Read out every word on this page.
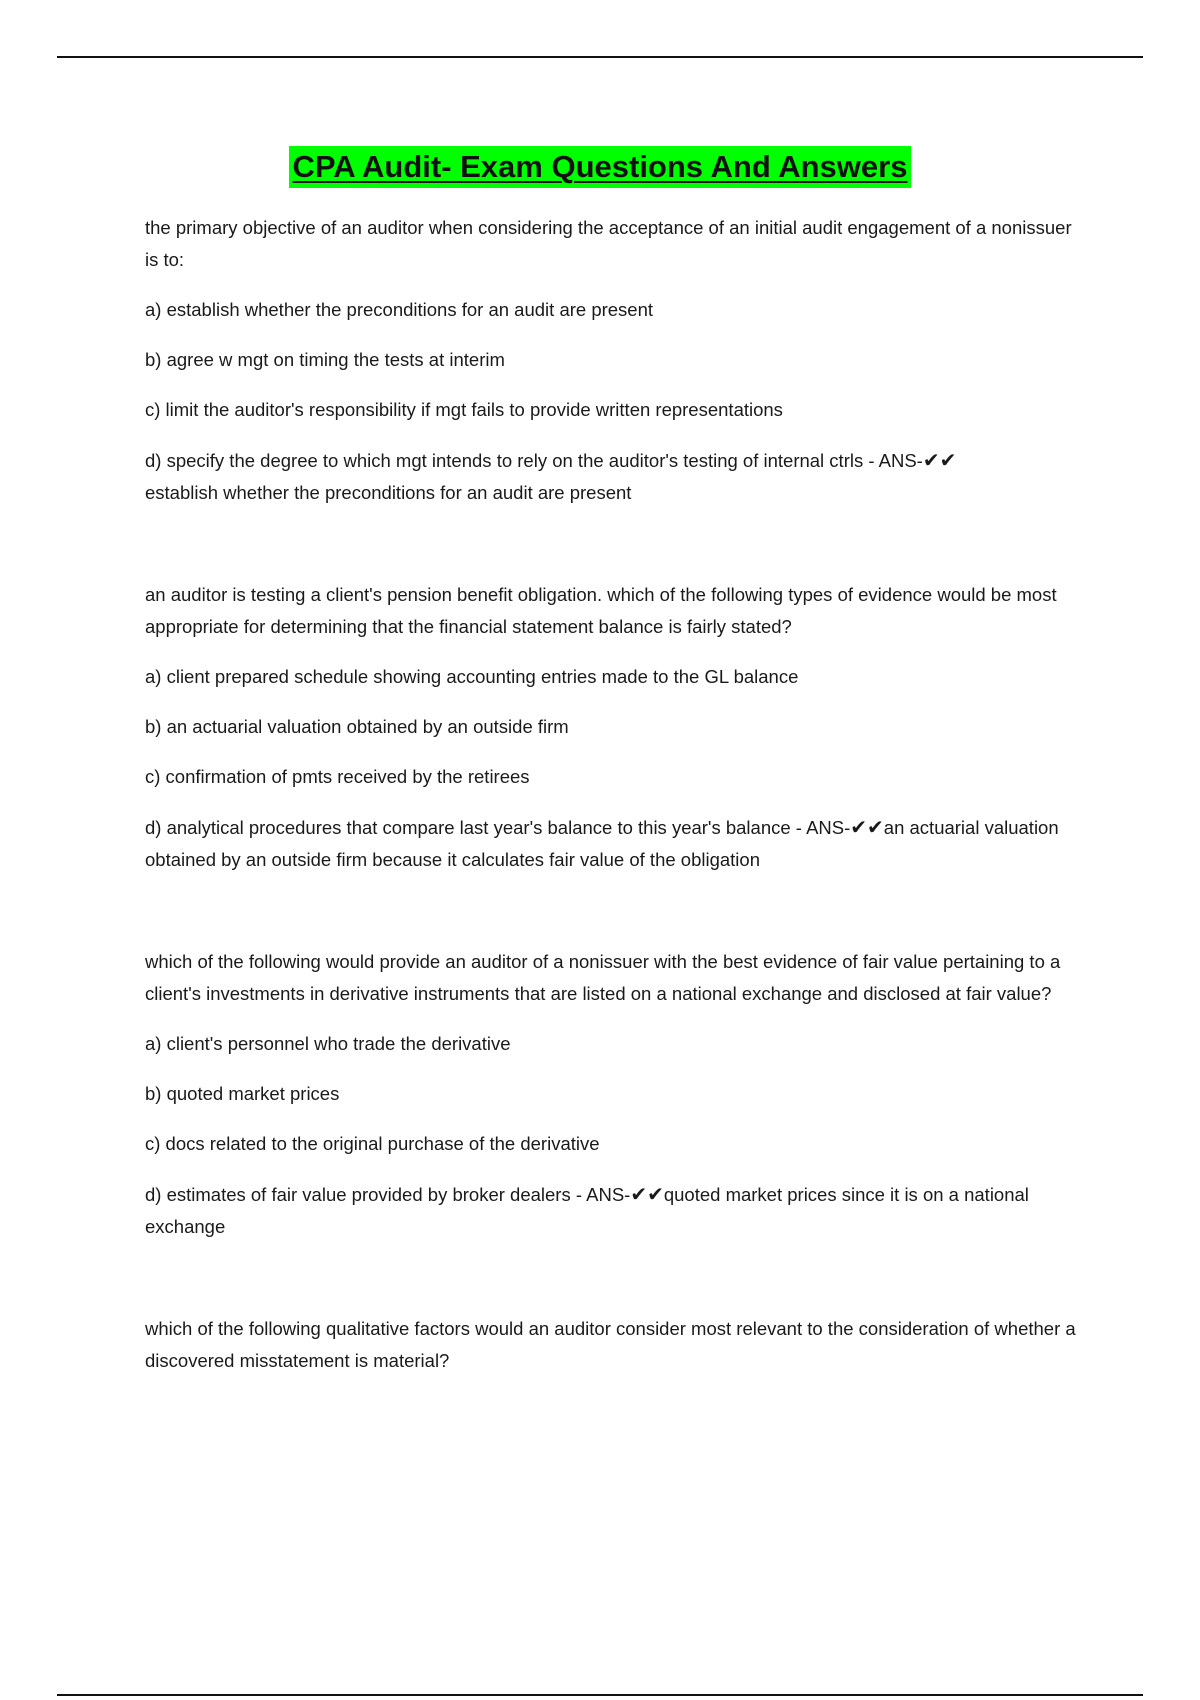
CPA Audit- Exam Questions And Answers

the primary objective of an auditor when considering the acceptance of an initial audit engagement of a nonissuer is to:

a) establish whether the preconditions for an audit are present

b) agree w mgt on timing the tests at interim

c) limit the auditor's responsibility if mgt fails to provide written representations

d) specify the degree to which mgt intends to rely on the auditor's testing of internal ctrls - ANS-✔✔
establish whether the preconditions for an audit are present

an auditor is testing a client's pension benefit obligation. which of the following types of evidence would be most appropriate for determining that the financial statement balance is fairly stated?

a) client prepared schedule showing accounting entries made to the GL balance

b) an actuarial valuation obtained by an outside firm

c) confirmation of pmts received by the retirees

d) analytical procedures that compare last year's balance to this year's balance - ANS-✔✔an actuarial valuation obtained by an outside firm because it calculates fair value of the obligation

which of the following would provide an auditor of a nonissuer with the best evidence of fair value pertaining to a client's investments in derivative instruments that are listed on a national exchange and disclosed at fair value?

a) client's personnel who trade the derivative

b) quoted market prices

c) docs related to the original purchase of the derivative

d) estimates of fair value provided by broker dealers - ANS-✔✔quoted market prices since it is on a national exchange

which of the following qualitative factors would an auditor consider most relevant to the consideration of whether a discovered misstatement is material?
